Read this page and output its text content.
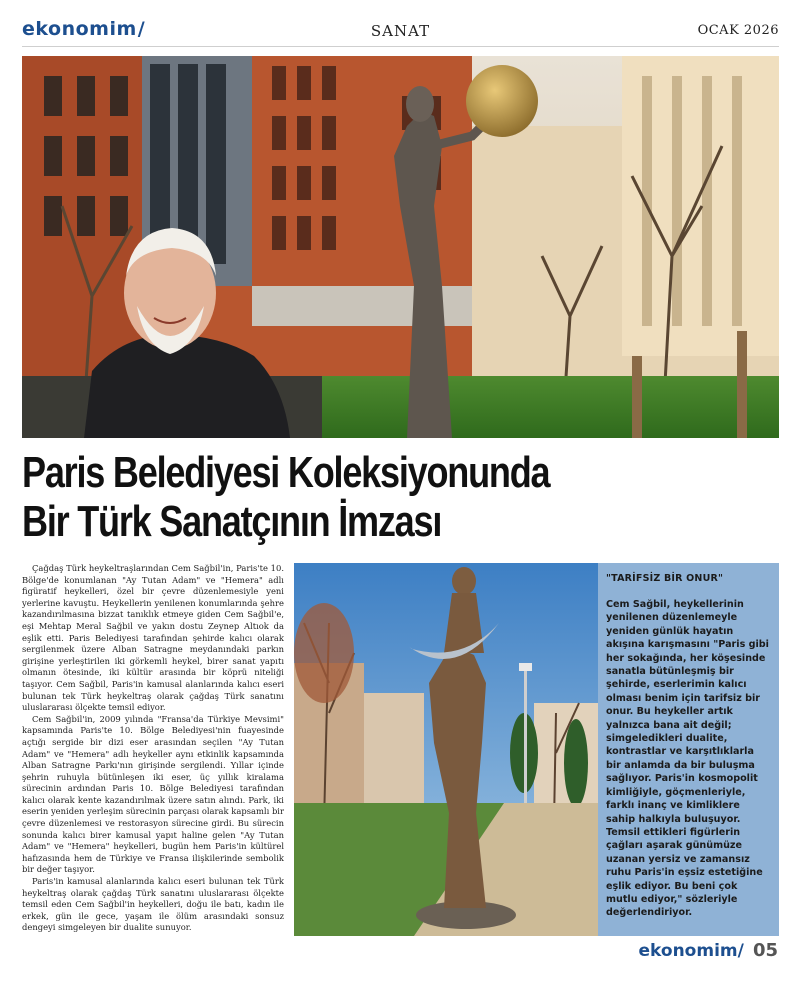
ekonomim/	SANAT	OCAK 2026
Paris Belediyesi Koleksiyonunda
Bir Türk Sanatçının İmzası

Çağdaş Türk heykeltraşlarından Cem Sağbil'in, Paris'te 10. Bölge'de konumlanan "Ay Tutan Adam" ve "Hemera" adlı figüratif heykelleri, özel bir çevre düzenlemesiyle yeni yerlerine kavuştu. Heykellerin yenilenen konumlarında şehre kazandırılmasına bizzat tanıklık etmeye giden Cem Sağbil'e, eşi Mehtap Meral Sağbil ve yakın dostu Zeynep Altıok da eşlik etti. Paris Belediyesi tarafından şehirde kalıcı olarak sergilenmek üzere Alban Satragne meydanındaki parkın girişine yerleştirilen iki görkemli heykel, birer sanat yapıtı olmanın ötesinde, iki kültür arasında bir köprü niteliği taşıyor. Cem Sağbil, Paris'in kamusal alanlarında kalıcı eseri bulunan tek Türk heykeltraş olarak çağdaş Türk sanatını uluslararası ölçekte temsil ediyor.

Cem Sağbil'in, 2009 yılında "Fransa'da Türkiye Mevsimi" kapsamında Paris'te 10. Bölge Belediyesi'nin fuayesinde açtığı sergide bir dizi eser arasından seçilen "Ay Tutan Adam" ve "Hemera" adlı heykeller aynı etkinlik kapsamında Alban Satragne Parkı'nın girişinde sergilendi. Yıllar içinde şehrin ruhuyla bütünleşen iki eser, üç yıllık kiralama sürecinin ardından Paris 10. Bölge Belediyesi tarafından kalıcı olarak kente kazandırılmak üzere satın alındı. Park, iki eserin yeniden yerleşim sürecinin parçası olarak kapsamlı bir çevre düzenlemesi ve restorasyon sürecine girdi. Bu sürecin sonunda kalıcı birer kamusal yapıt haline gelen "Ay Tutan Adam" ve "Hemera" heykelleri, bugün hem Paris'in kültürel hafızasında hem de Türkiye ve Fransa ilişkilerinde sembolik bir değer taşıyor.

Paris'in kamusal alanlarında kalıcı eseri bulunan tek Türk heykeltraş olarak çağdaş Türk sanatını uluslararası ölçekte temsil eden Cem Sağbil'in heykelleri, doğu ile batı, kadın ile erkek, gün ile gece, yaşam ile ölüm arasındaki sonsuz dengeyi simgeleyen bir dualite sunuyor.

"TARİFSİZ BİR ONUR"

Cem Sağbil, heykellerinin yenilenen düzenlemeyle yeniden günlük hayatın akışına karışmasını "Paris gibi her sokağında, her köşesinde sanatla bütünleşmiş bir şehirde, eserlerimin kalıcı olması benim için tarifsiz bir onur. Bu heykeller artık yalnızca bana ait değil; simgeledikleri dualite, kontrastlar ve karşıtlıklarla bir anlamda da bir buluşma sağlıyor. Paris'in kosmopolit kimliğiyle, göçmenleriyle, farklı inanç ve kimliklere sahip halkıyla buluşuyor. Temsil ettikleri figürlerin çağları aşarak günümüze uzanan yersiz ve zamansız ruhu Paris'in eşsiz estetiğine eşlik ediyor. Bu beni çok mutlu ediyor," sözleriyle değerlendiriyor.

ekonomim/ 05
